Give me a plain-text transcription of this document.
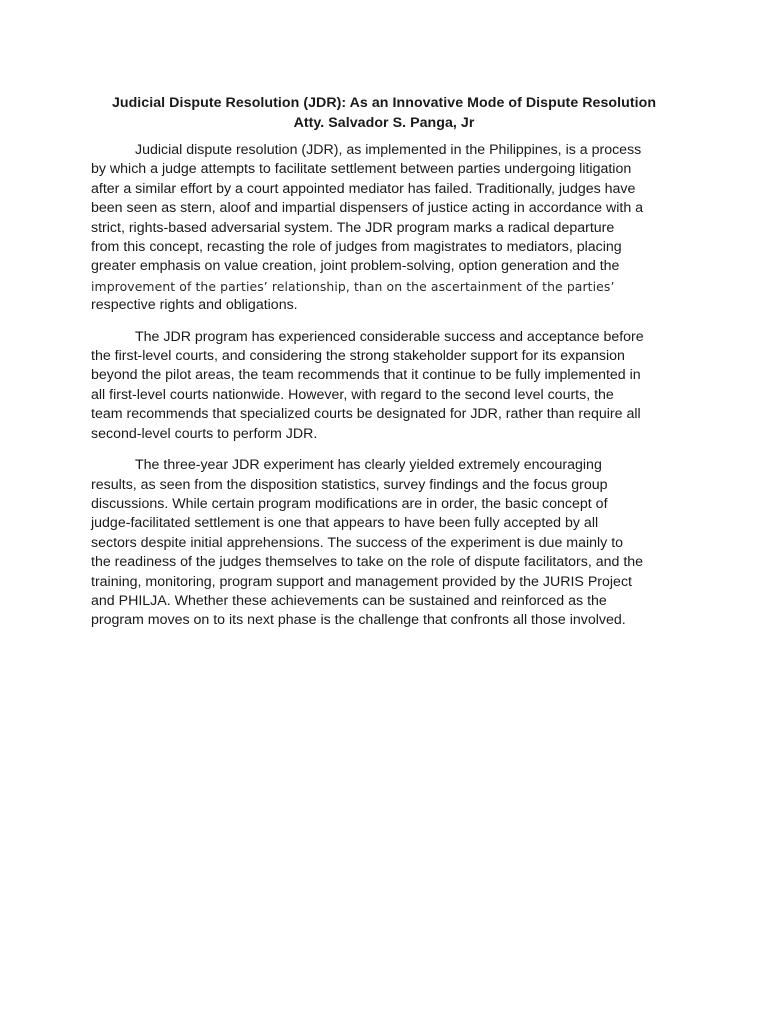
Judicial Dispute Resolution (JDR): As an Innovative Mode of Dispute Resolution
Atty. Salvador S. Panga, Jr

Judicial dispute resolution (JDR), as implemented in the Philippines, is a process
by which a judge attempts to facilitate settlement between parties undergoing litigation
after a similar effort by a court appointed mediator has failed. Traditionally, judges have
been seen as stern, aloof and impartial dispensers of justice acting in accordance with a
strict, rights-based adversarial system. The JDR program marks a radical departure
from this concept, recasting the role of judges from magistrates to mediators, placing
greater emphasis on value creation, joint problem-solving, option generation and the
improvement of the parties’ relationship, than on the ascertainment of the parties’
respective rights and obligations.

The JDR program has experienced considerable success and acceptance before
the first-level courts, and considering the strong stakeholder support for its expansion
beyond the pilot areas, the team recommends that it continue to be fully implemented in
all first-level courts nationwide. However, with regard to the second level courts, the
team recommends that specialized courts be designated for JDR, rather than require all
second-level courts to perform JDR.

The three-year JDR experiment has clearly yielded extremely encouraging
results, as seen from the disposition statistics, survey findings and the focus group
discussions. While certain program modifications are in order, the basic concept of
judge-facilitated settlement is one that appears to have been fully accepted by all
sectors despite initial apprehensions. The success of the experiment is due mainly to
the readiness of the judges themselves to take on the role of dispute facilitators, and the
training, monitoring, program support and management provided by the JURIS Project
and PHILJA. Whether these achievements can be sustained and reinforced as the
program moves on to its next phase is the challenge that confronts all those involved.
